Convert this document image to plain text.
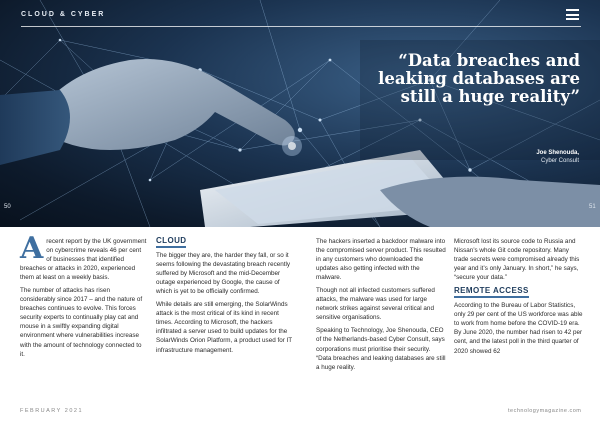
CLOUD & CYBER
“Data breaches and leaking databases are still a huge reality”
Joe Shenouda,
Cyber Consult
50	51

Arecent report by the UK government on cybercrime reveals 46 per cent of businesses that identified breaches or attacks in 2020, experienced them at least on a weekly basis.

The number of attacks has risen considerably since 2017 – and the nature of breaches continues to evolve. This forces security experts to continually play cat and mouse in a swiftly expanding digital environment where vulnerabilities increase with the amount of technology connected to it.

CLOUD

The bigger they are, the harder they fall, or so it seems following the devastating breach recently suffered by Microsoft and the mid-December outage experienced by Google, the cause of which is yet to be officially confirmed.

While details are still emerging, the SolarWinds attack is the most critical of its kind in recent times. According to Microsoft, the hackers infiltrated a server used to build updates for the SolarWinds Orion Platform, a product used for IT infrastructure management.

The hackers inserted a backdoor malware into the compromised server product. This resulted in any customers who downloaded the updates also getting infected with the malware.

Though not all infected customers suffered attacks, the malware was used for large network strikes against several critical and sensitive organisations.

Speaking to Technology, Joe Shenouda, CEO of the Netherlands-based Cyber Consult, says corporations must prioritise their security. “Data breaches and leaking databases are still a huge reality.

Microsoft lost its source code to Russia and Nissan’s whole Git code repository. Many trade secrets were compromised already this year and it’s only January. In short,” he says, “secure your data.”

REMOTE ACCESS

According to the Bureau of Labor Statistics, only 29 per cent of the US workforce was able to work from home before the COVID-19 era. By June 2020, the number had risen to 42 per cent, and the latest poll in the third quarter of 2020 showed 62

FEBRUARY 2021	technologymagazine.com
